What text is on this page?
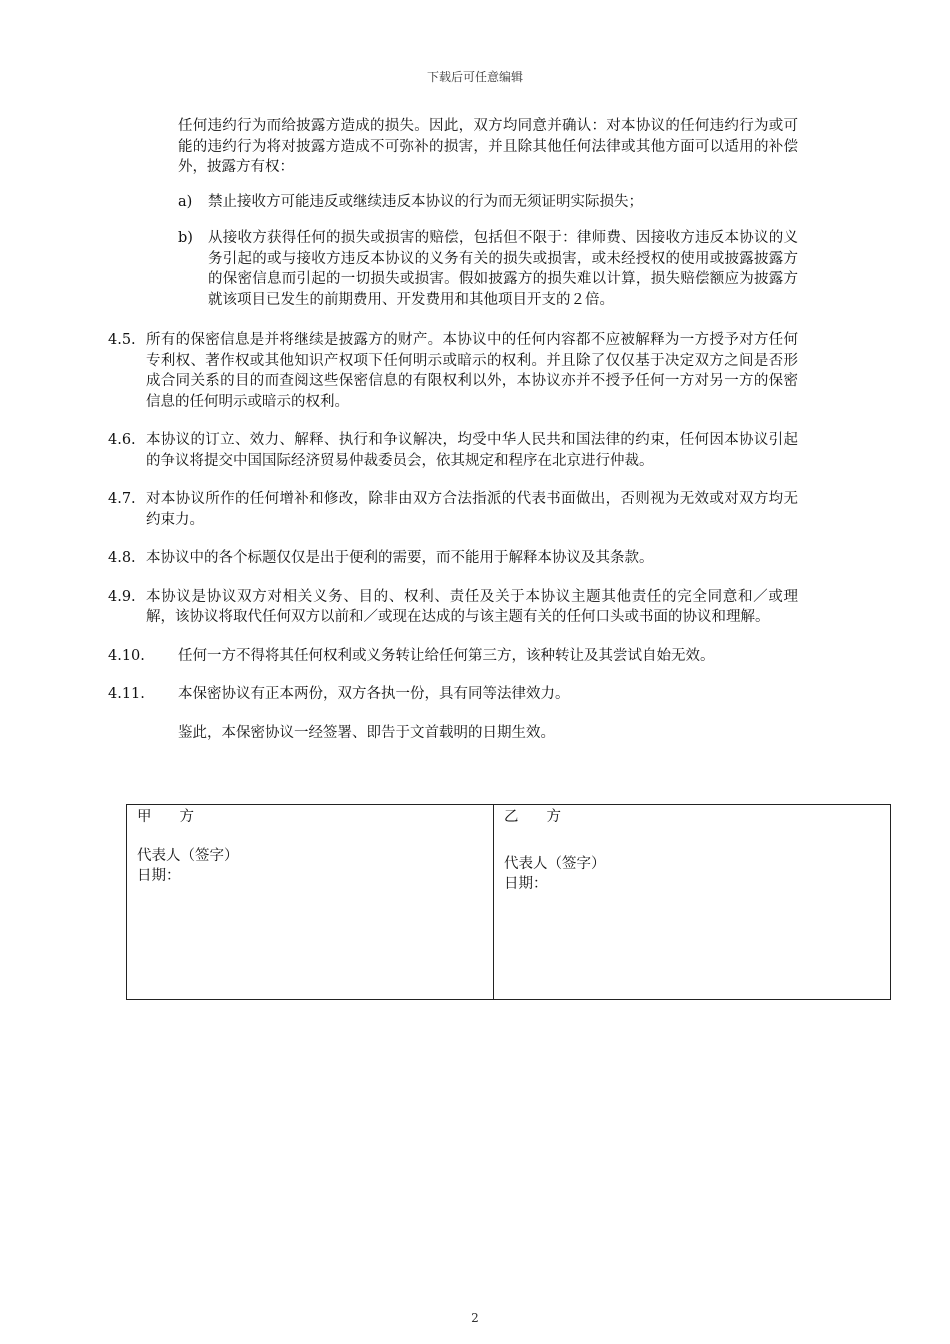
下载后可任意编辑

任何违约行为而给披露方造成的损失。因此，双方均同意并确认：对本协议的任何违约行为或可能的违约行为将对披露方造成不可弥补的损害，并且除其他任何法律或其他方面可以适用的补偿外，披露方有权：

a)	禁止接收方可能违反或继续违反本协议的行为而无须证明实际损失；
b)	从接收方获得任何的损失或损害的赔偿，包括但不限于：律师费、因接收方违反本协议的义务引起的或与接收方违反本协议的义务有关的损失或损害，或未经授权的使用或披露披露方的保密信息而引起的一切损失或损害。假如披露方的损失难以计算，损失赔偿额应为披露方就该项目已发生的前期费用、开发费用和其他项目开支的２倍。
4.5. 所有的保密信息是并将继续是披露方的财产。本协议中的任何内容都不应被解释为一方授予对方任何专利权、著作权或其他知识产权项下任何明示或暗示的权利。并且除了仅仅基于决定双方之间是否形成合同关系的目的而查阅这些保密信息的有限权利以外，本协议亦并不授予任何一方对另一方的保密信息的任何明示或暗示的权利。
4.6. 本协议的订立、效力、解释、执行和争议解决，均受中华人民共和国法律的约束，任何因本协议引起的争议将提交中国国际经济贸易仲裁委员会，依其规定和程序在北京进行仲裁。
4.7. 对本协议所作的任何增补和修改，除非由双方合法指派的代表书面做出，否则视为无效或对双方均无约束力。
4.8. 本协议中的各个标题仅仅是出于便利的需要，而不能用于解释本协议及其条款。
4.9. 本协议是协议双方对相关义务、目的、权利、责任及关于本协议主题其他责任的完全同意和／或理解，该协议将取代任何双方以前和／或现在达成的与该主题有关的任何口头或书面的协议和理解。
4.10.	任何一方不得将其任何权利或义务转让给任何第三方，该种转让及其尝试自始无效。
4.11.	本保密协议有正本两份，双方各执一份，具有同等法律效力。

鉴此，本保密协议一经签署、即告于文首载明的日期生效。

甲方
代表人（签字）
日期：

乙方
代表人（签字）
日期：
2
